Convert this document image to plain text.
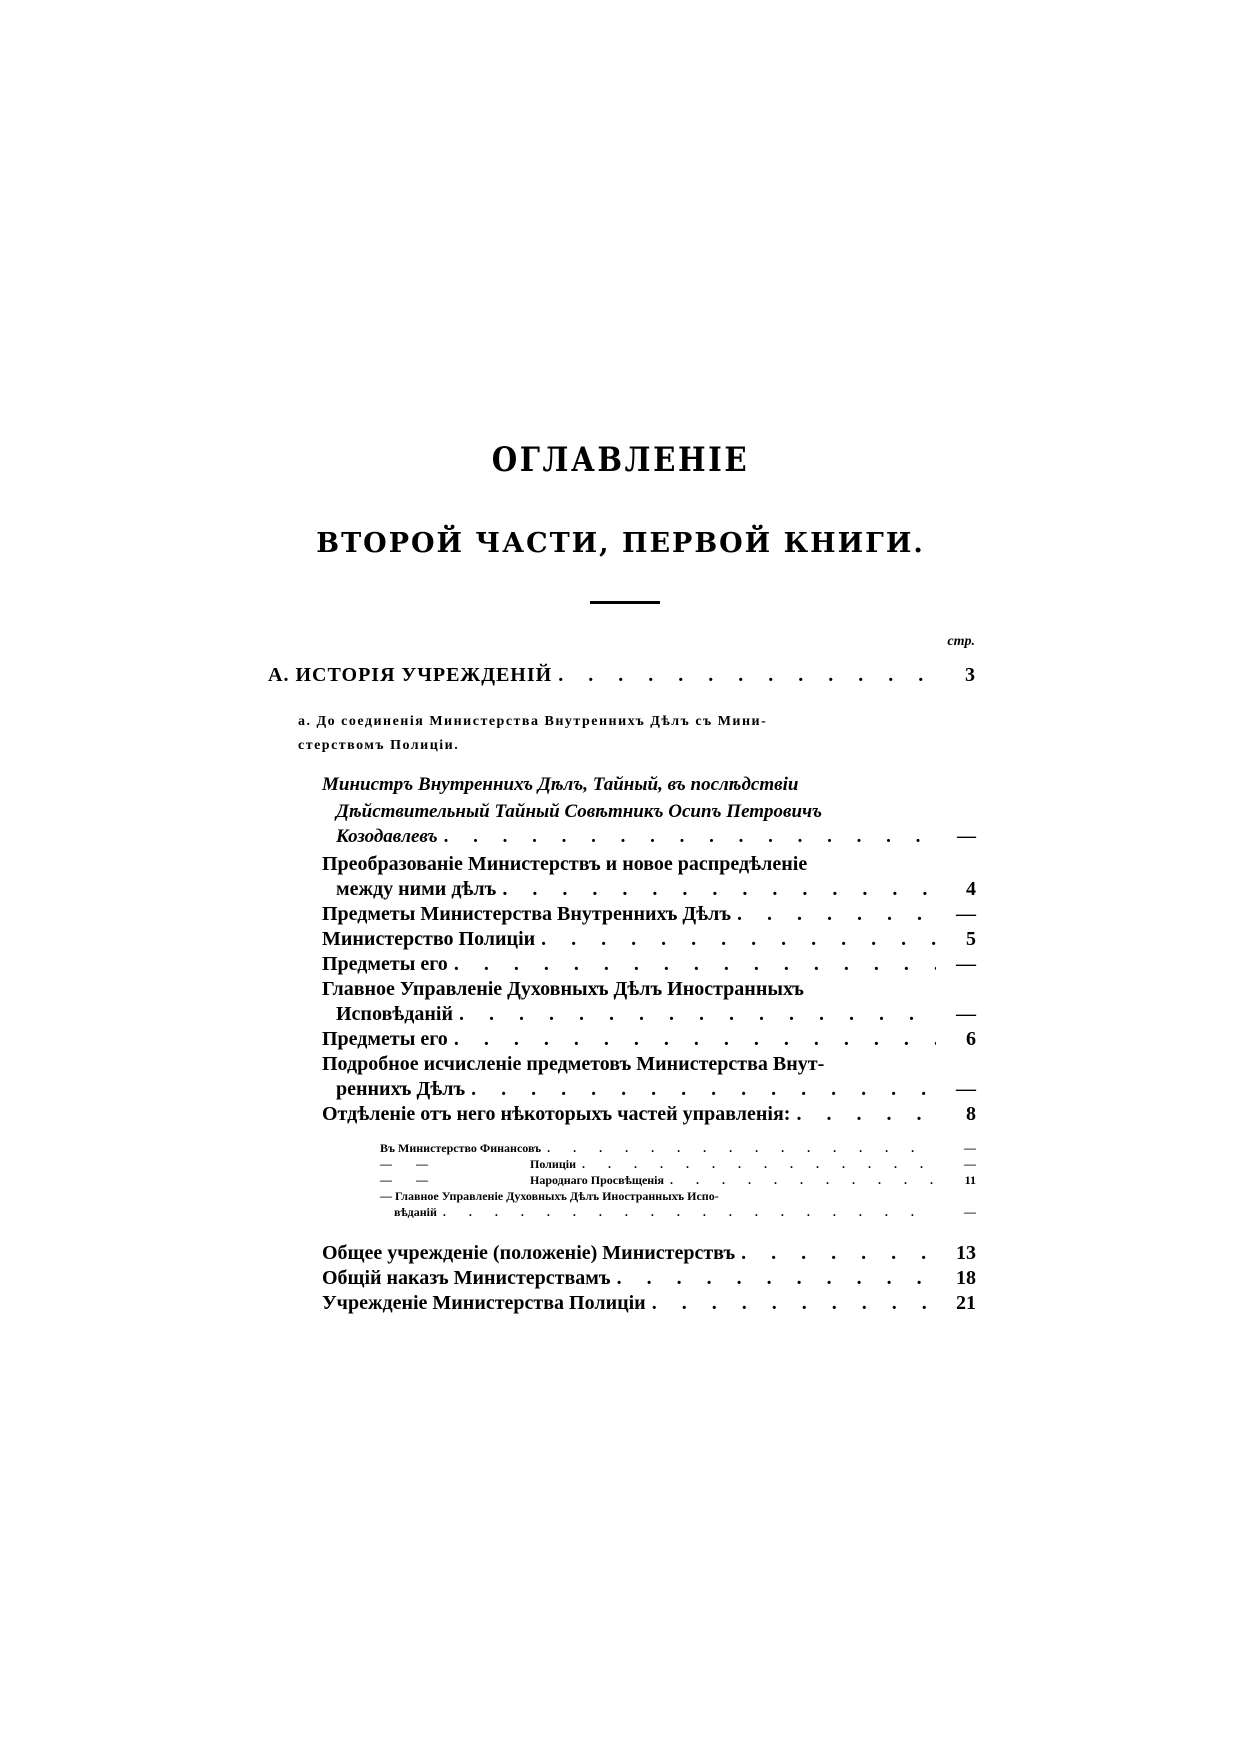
ОГЛАВЛЕНІЕ
ВТОРОЙ ЧАСТИ, ПЕРВОЙ КНИГИ.
стр.
А. ИСТОРІЯ УЧРЕЖДЕНІЙ . . .	3
а. До соединенія Министерства Внутреннихъ Дѣлъ съ Мини-
стерствомъ Полиціи.
Министръ Внутреннихъ Дѣлъ, Тайный, въ послѣдствіи
Дѣйствительный Тайный Совѣтникъ Осипъ Петровичъ
Козодавлевъ . . .	—
Преобразованіе Министерствъ и новое распредѣленіе
между ними дѣлъ . . .	4
Предметы Министерства Внутреннихъ Дѣлъ . . .	—
Министерство Полиціи . . .	5
Предметы его . . .	—
Главное Управленіе Духовныхъ Дѣлъ Иностранныхъ
Исповѣданій . . .	—
Предметы его . . .	6
Подробное исчисленіе предметовъ Министерства Внут-
реннихъ Дѣлъ . . .	—
Отдѣленіе отъ него нѣкоторыхъ частей управленія: . . .	8
Въ Министерство Финансовъ . . .	—
—        —	Полиціи . . .	—
—        —	Народнаго Просвѣщенія . . .	11
— Главное Управленіе Духовныхъ Дѣлъ Иностранныхъ Испо-
вѣданій . . .	—
Общее учрежденіе (положеніе) Министерствъ . . .	13
Общій наказъ Министерствамъ . . .	18
Учрежденіе Министерства Полиціи . . .	21
